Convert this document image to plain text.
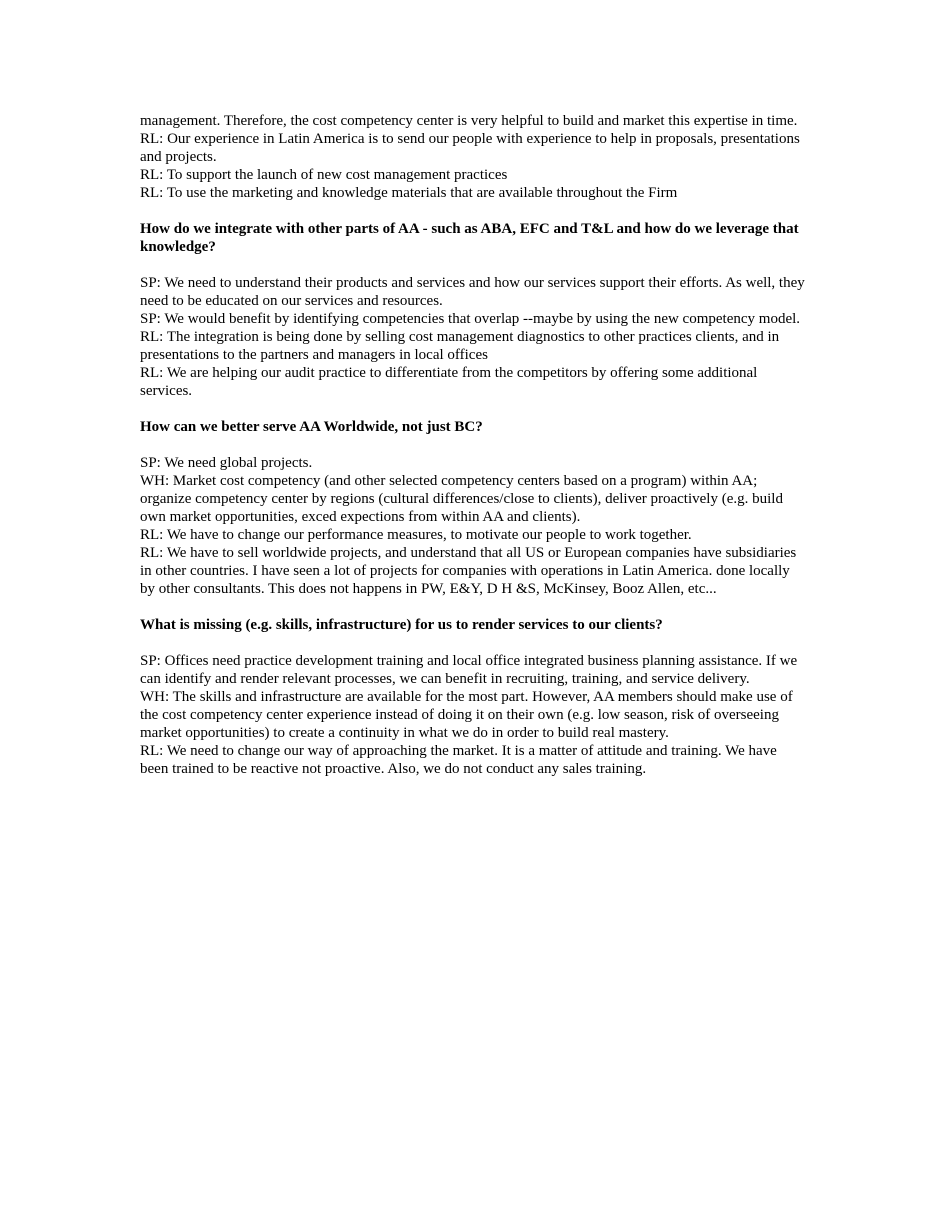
management. Therefore, the cost competency center is very helpful to build and market this expertise in time.
RL: Our experience in Latin America is to send our people with experience to help in proposals, presentations and projects.
RL: To support the launch of new cost management practices
RL: To use the marketing and knowledge materials that are available throughout the Firm
How do we integrate with other parts of AA - such as ABA, EFC and T&L and how do we leverage that knowledge?
SP: We need to understand their products and services and how our services support their efforts. As well, they need to be educated on our services and resources.
SP: We would benefit by identifying competencies that overlap --maybe by using the new competency model.
RL: The integration is being done by selling cost management diagnostics to other practices clients, and in presentations to the partners and managers in local offices
RL: We are helping our audit practice to differentiate from the competitors by offering some additional services.
How can we better serve AA Worldwide, not just BC?
SP: We need global projects.
WH: Market cost competency (and other selected competency centers based on a program) within AA; organize competency center by regions (cultural differences/close to clients), deliver proactively (e.g. build own market opportunities, exced expections from within AA and clients).
RL: We have to change our performance measures, to motivate our people to work together.
RL: We have to sell worldwide projects, and understand that all US or European companies have subsidiaries in other countries. I have seen a lot of projects for companies with operations in Latin America. done locally by other consultants. This does not happens in PW, E&Y, D H &S, McKinsey, Booz Allen, etc...
What is missing (e.g. skills, infrastructure) for us to render services to our clients?
SP: Offices need practice development training and local office integrated business planning assistance. If we can identify and render relevant processes, we can benefit in recruiting, training, and service delivery.
WH: The skills and infrastructure are available for the most part. However, AA members should make use of the cost competency center experience instead of doing it on their own (e.g. low season, risk of overseeing market opportunities) to create a continuity in what we do in order to build real mastery.
RL: We need to change our way of approaching the market. It is a matter of attitude and training. We have been trained to be reactive not proactive. Also, we do not conduct any sales training.
